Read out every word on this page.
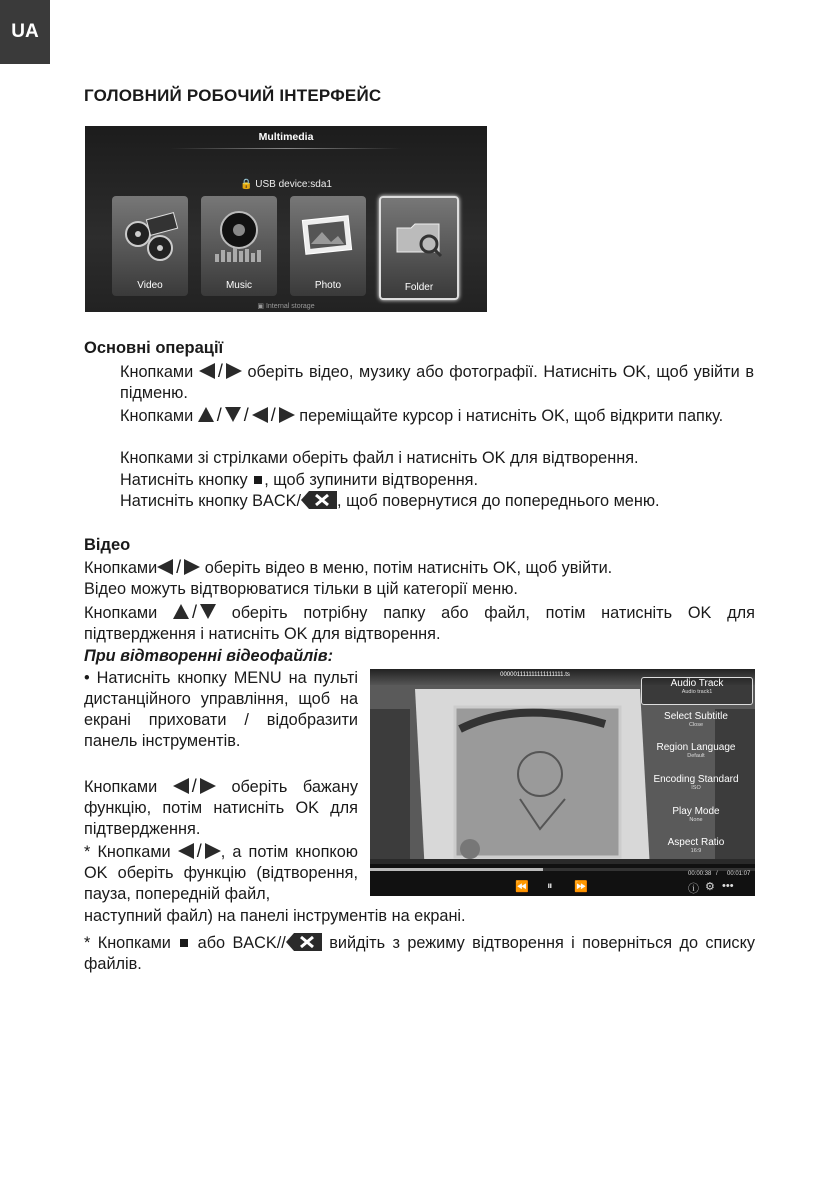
UA
ГОЛОВНИЙ РОБОЧИЙ ІНТЕРФЕЙС
Multimedia
🔒 USB device:sda1
Video	Music	Photo	Folder
▣ Internal storage
Основні операції
Кнопками / оберіть відео, музику або фотографії. Натисніть OK, щоб увійти в підменю.
Кнопками / / / переміщайте курсор і натисніть OK, щоб відкрити папку.
Кнопками зі стрілками оберіть файл і натисніть OK для відтворення.
Натисніть кнопку , щоб зупинити відтворення.
Натисніть кнопку BACK/ , щоб повернутися до попереднього меню.
Відео
Кнопками / оберіть відео в меню, потім натисніть OK, щоб увійти.
Відео можуть відтворюватися тільки в цій категорії меню.
Кнопками / оберіть потрібну папку або файл, потім натисніть OK для підтвердження і натисніть OK для відтворення.
При відтворенні відеофайлів:
• Натисніть кнопку MENU на пульті дистанційного управління, щоб на екрані приховати / відобразити панель інструментів.
Кнопками / оберіть бажану функцію, потім натисніть OK для підтвердження.
* Кнопками / , а потім кнопкою OK оберіть функцію (відтворення, пауза, попередній файл,
наступний файл) на панелі інструментів на екрані.
* Кнопками або BACK//	вийдіть з режиму відтворення і поверніться до списку файлів.
000001111111111111111.ts
Audio Track
Audio track1
Select Subtitle
Close
Region Language
Default
Encoding Standard
ISO
Play Mode
None
Aspect Ratio
16:9
00:00:38 / 00:01:07
⏪ ⏸ ⏩	ⓘ ⚙ •••
